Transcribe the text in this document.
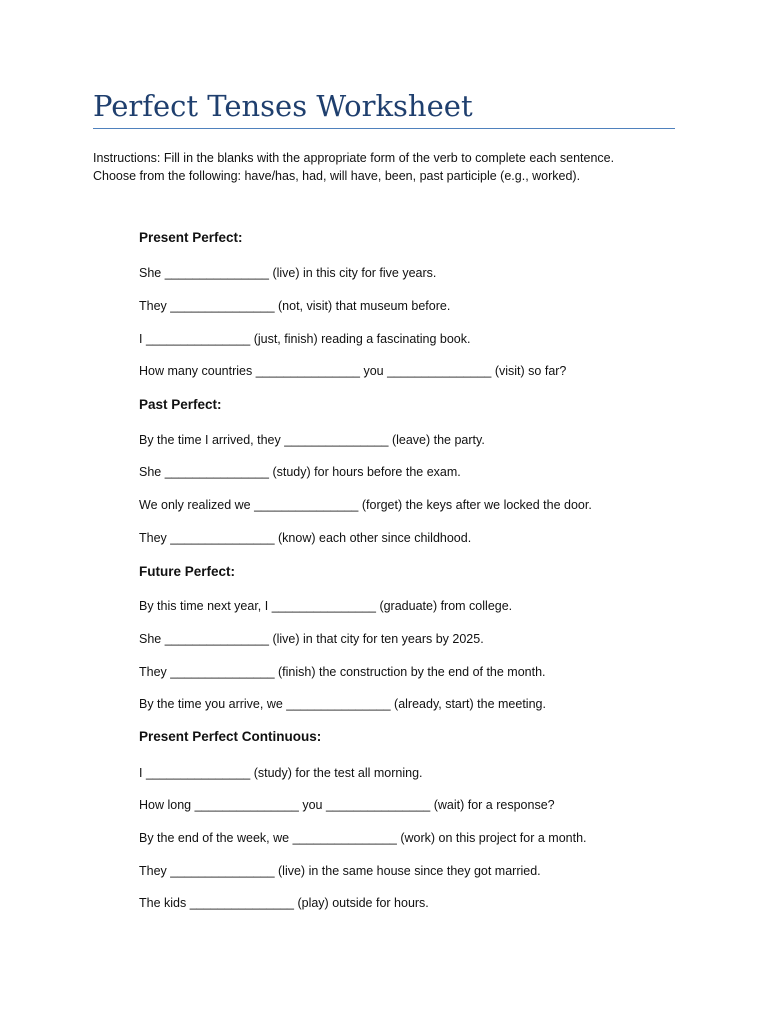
Perfect Tenses Worksheet

Instructions: Fill in the blanks with the appropriate form of the verb to complete each sentence.

Choose from the following: have/has, had, will have, been, past participle (e.g., worked).

Present Perfect:
She _______________ (live) in this city for five years.
They _______________ (not, visit) that museum before.
I _______________ (just, finish) reading a fascinating book.
How many countries _______________ you _______________ (visit) so far?
Past Perfect:
By the time I arrived, they _______________ (leave) the party.
She _______________ (study) for hours before the exam.
We only realized we _______________ (forget) the keys after we locked the door.
They _______________ (know) each other since childhood.
Future Perfect:
By this time next year, I _______________ (graduate) from college.
She _______________ (live) in that city for ten years by 2025.
They _______________ (finish) the construction by the end of the month.
By the time you arrive, we _______________ (already, start) the meeting.
Present Perfect Continuous:
I _______________ (study) for the test all morning.
How long _______________ you _______________ (wait) for a response?
By the end of the week, we _______________ (work) on this project for a month.
They _______________ (live) in the same house since they got married.
The kids _______________ (play) outside for hours.
